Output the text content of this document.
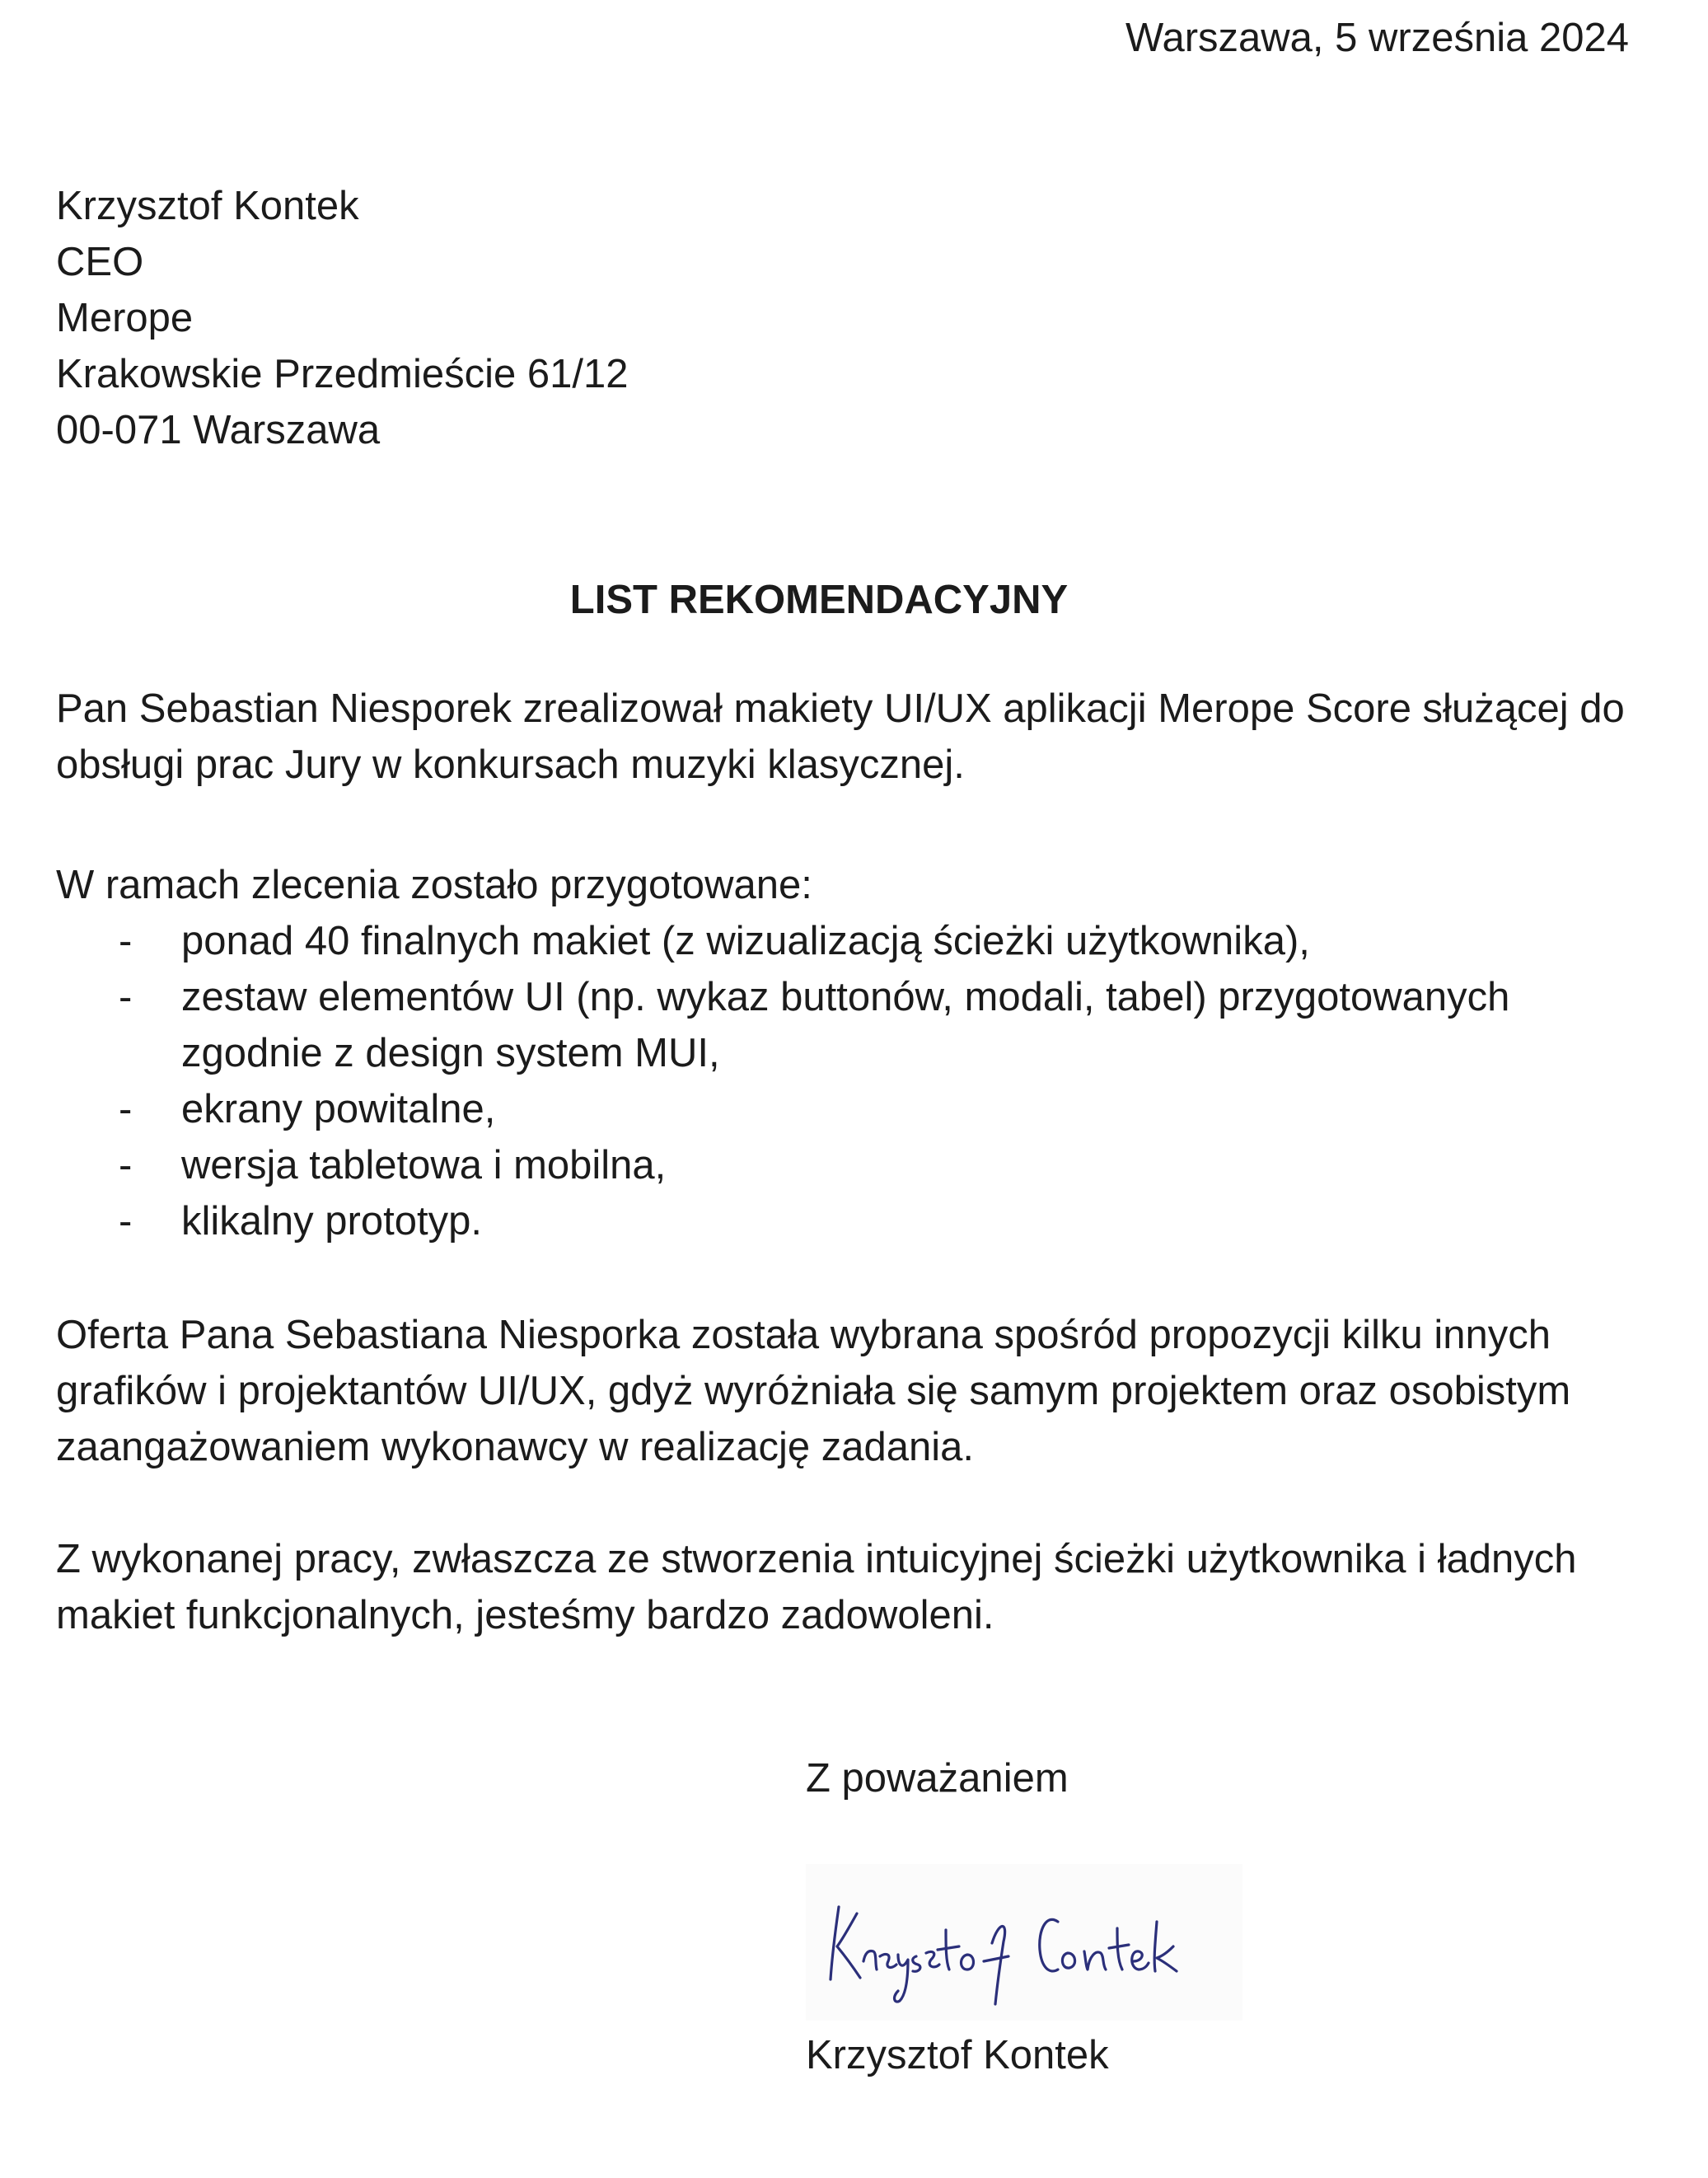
Warszawa, 5 września 2024
Krzysztof Kontek
CEO
Merope
Krakowskie Przedmieście 61/12
00-071 Warszawa
LIST REKOMENDACYJNY

Pan Sebastian Niesporek zrealizował makiety UI/UX aplikacji Merope Score służącej do obsługi prac Jury w konkursach muzyki klasycznej.

W ramach zlecenia zostało przygotowane:

- ponad 40 finalnych makiet (z wizualizacją ścieżki użytkownika),
- zestaw elementów UI (np. wykaz buttonów, modali, tabel) przygotowanych zgodnie z design system MUI,
- ekrany powitalne,
- wersja tabletowa i mobilna,
- klikalny prototyp.

Oferta Pana Sebastiana Niesporka została wybrana spośród propozycji kilku innych grafików i projektantów UI/UX, gdyż wyróżniała się samym projektem oraz osobistym zaangażowaniem wykonawcy w realizację zadania.

Z wykonanej pracy, zwłaszcza ze stworzenia intuicyjnej ścieżki użytkownika i ładnych makiet funkcjonalnych, jesteśmy bardzo zadowoleni.

Z poważaniem
Krzysztof Kontek
